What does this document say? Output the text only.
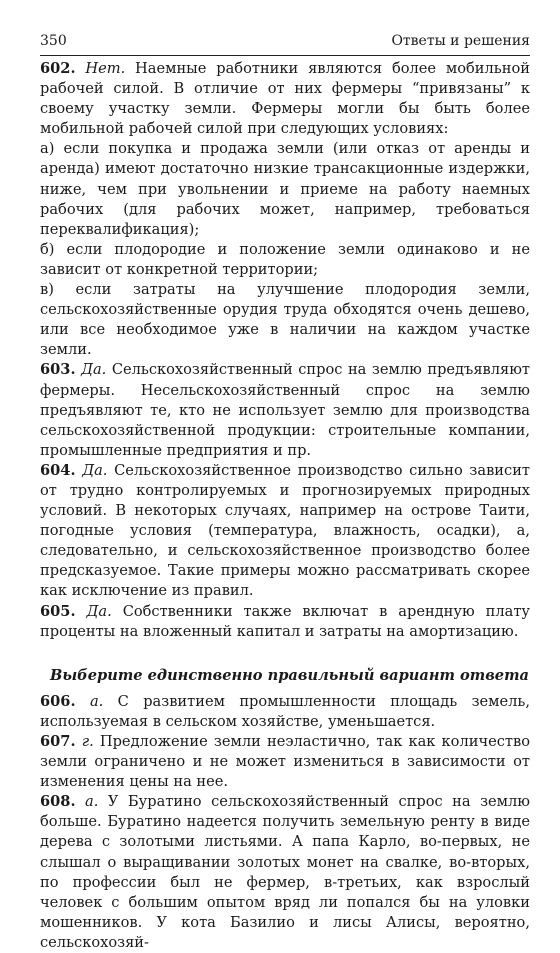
350	Ответы и решения

602. Нет. Наемные работники являются более мобильной рабочей силой. В отличие от них фермеры “привязаны” к своему участку земли. Фермеры могли бы быть более мобильной рабочей силой при следующих условиях:

а) если покупка и продажа земли (или отказ от аренды и аренда) имеют достаточно низкие трансакционные издержки, ниже, чем при увольнении и приеме на работу наемных рабочих (для рабочих может, например, требоваться переквалификация);

б) если плодородие и положение земли одинаково и не зависит от конкретной территории;

в) если затраты на улучшение плодородия земли, сельскохозяйственные орудия труда обходятся очень дешево, или все необходимое уже в наличии на каждом участке земли.

603. Да. Сельскохозяйственный спрос на землю предъявляют фермеры. Несельскохозяйственный спрос на землю предъявляют те, кто не использует землю для производства сельскохозяйственной продукции: строительные компании, промышленные предприятия и пр.

604. Да. Сельскохозяйственное производство сильно зависит от трудно контролируемых и прогнозируемых природных условий. В некоторых случаях, например на острове Таити, погодные условия (температура, влажность, осадки), а, следовательно, и сельскохозяйственное производство более предсказуемое. Такие примеры можно рассматривать скорее как исключение из правил.

605. Да. Собственники также включат в арендную плату проценты на вложенный капитал и затраты на амортизацию.

Выберите единственно правильный вариант ответа

606. а. С развитием промышленности площадь земель, используемая в сельском хозяйстве, уменьшается.

607. г. Предложение земли неэластично, так как количество земли ограничено и не может измениться в зависимости от изменения цены на нее.

608. а. У Буратино сельскохозяйственный спрос на землю больше. Буратино надеется получить земельную ренту в виде дерева с золотыми листьями. А папа Карло, во-первых, не слышал о выращивании золотых монет на свалке, во-вторых, по профессии был не фермер, в-третьих, как взрослый человек с большим опытом вряд ли попался бы на уловки мошенников. У кота Базилио и лисы Алисы, вероятно, сельскохозяй-
